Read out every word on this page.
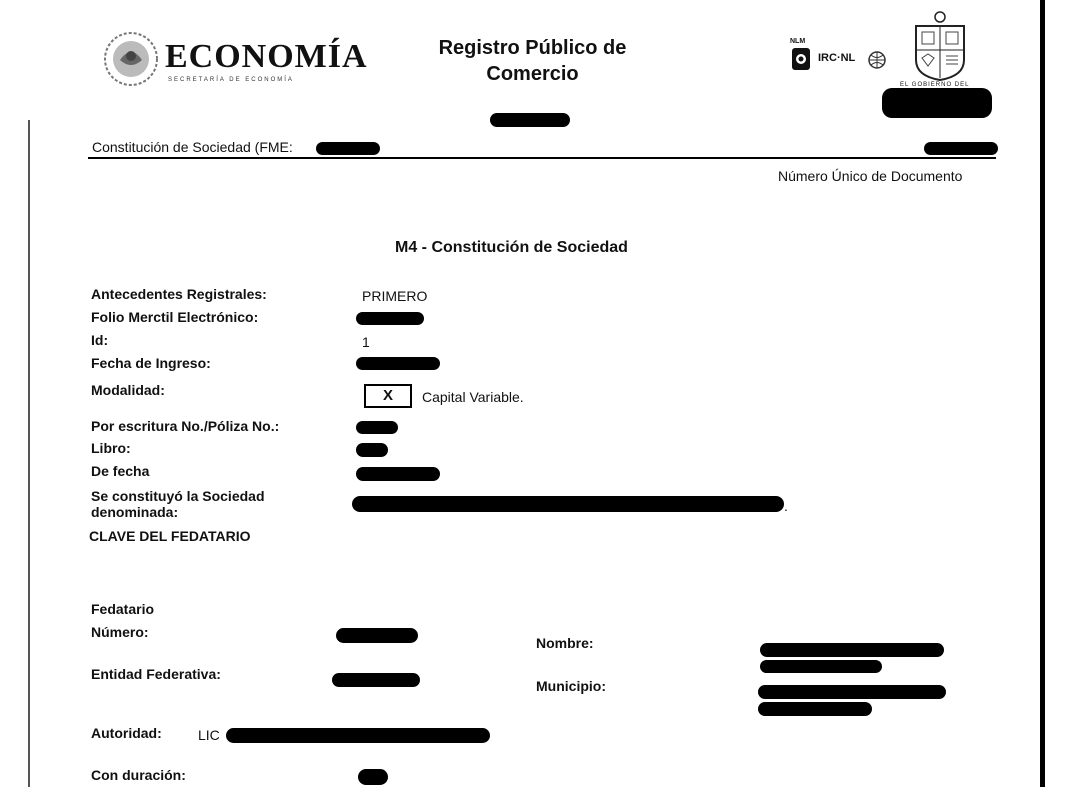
ECONOMÍA
SECRETARÍA DE ECONOMÍA
Registro Público de
Comercio
NLM
IRC·NL
EL GOBIERNO DEL
Constitución de Sociedad (FME:
Número Único de Documento
M4 - Constitución de Sociedad
Antecedentes Registrales:	PRIMERO
Folio Merctil Electrónico:
Id:	1
Fecha de Ingreso:
Modalidad:	X	Capital Variable.
Por escritura No./Póliza No.:
Libro:
De fecha
Se constituyó la Sociedad
denominada:	.
CLAVE DEL FEDATARIO
Fedatario
Número:
Nombre:
Entidad Federativa:
Municipio:
Autoridad:	LIC
Con duración:
